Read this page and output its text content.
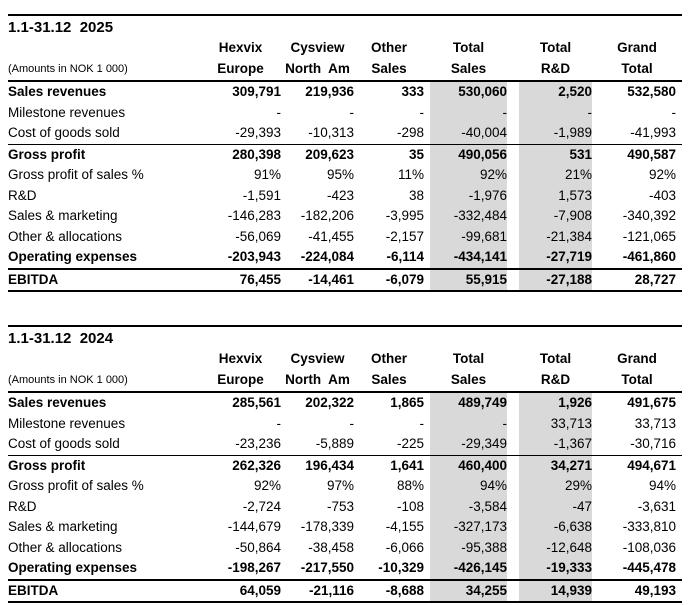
1.1-31.12  2025
	Hexvix	Cysview	Other	Total	Total	Grand	
(Amounts in NOK 1 000)	Europe	North  Am	Sales	Sales	R&D	Total	
Sales revenues	309,791	219,936	333	530,060	2,520	532,580	
Milestone revenues	-	-	-	-	-	-	
Cost of goods sold	-29,393	-10,313	-298	-40,004	-1,989	-41,993	
Gross profit	280,398	209,623	35	490,056	531	490,587	
Gross profit of sales %	91%	95%	11%	92%	21%	92%	
R&D	-1,591	-423	38	-1,976	1,573	-403	
Sales & marketing	-146,283	-182,206	-3,995	-332,484	-7,908	-340,392	
Other & allocations	-56,069	-41,455	-2,157	-99,681	-21,384	-121,065	
Operating expenses	-203,943	-224,084	-6,114	-434,141	-27,719	-461,860	
EBITDA	76,455	-14,461	-6,079	55,915	-27,188	28,727	
1.1-31.12  2024
	Hexvix	Cysview	Other	Total	Total	Grand	
(Amounts in NOK 1 000)	Europe	North  Am	Sales	Sales	R&D	Total	
Sales revenues	285,561	202,322	1,865	489,749	1,926	491,675	
Milestone revenues	-	-	-	-	33,713	33,713	
Cost of goods sold	-23,236	-5,889	-225	-29,349	-1,367	-30,716	
Gross profit	262,326	196,434	1,641	460,400	34,271	494,671	
Gross profit of sales %	92%	97%	88%	94%	29%	94%	
R&D	-2,724	-753	-108	-3,584	-47	-3,631	
Sales & marketing	-144,679	-178,339	-4,155	-327,173	-6,638	-333,810	
Other & allocations	-50,864	-38,458	-6,066	-95,388	-12,648	-108,036	
Operating expenses	-198,267	-217,550	-10,329	-426,145	-19,333	-445,478	
EBITDA	64,059	-21,116	-8,688	34,255	14,939	49,193	
